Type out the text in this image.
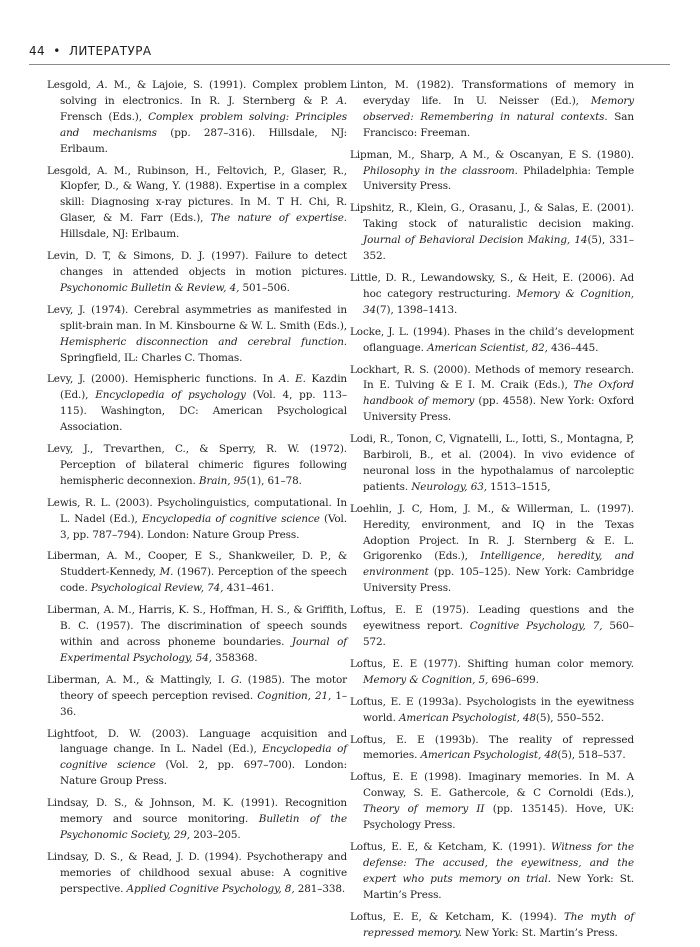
44 • ЛИТЕРАТУРА

Lesgold, A. M., & Lajoie, S. (1991). Complex problem solving in electronics. In R. J. Sternberg & P. A. Frensch (Eds.), Complex problem solving: Principles and mechanisms (pp. 287–316). Hillsdale, NJ: Erlbaum.

Lesgold, A. M., Rubinson, H., Feltovich, P., Glaser, R., Klopfer, D., & Wang, Y. (1988). Expertise in a complex skill: Diagnosing x-ray pictures. In M. T H. Chi, R. Glaser, & M. Farr (Eds.), The nature of expertise. Hillsdale, NJ: Erlbaum.

Levin, D. T, & Simons, D. J. (1997). Failure to detect changes in attended objects in motion pictures. Psychonomic Bulletin & Review, 4, 501–506.

Levy, J. (1974). Cerebral asymmetries as manifested in split-brain man. In M. Kinsbourne & W. L. Smith (Eds.), Hemispheric disconnection and cerebral function. Springfield, IL: Charles C. Thomas.

Levy, J. (2000). Hemispheric functions. In A. E. Kazdin (Ed.), Encyclopedia of psychology (Vol. 4, pp. 113–115). Washington, DC: American Psychological Association.

Levy, J., Trevarthen, C., & Sperry, R. W. (1972). Perception of bilateral chimeric figures following hemispheric deconnexion. Brain, 95(1), 61–78.

Lewis, R. L. (2003). Psycholinguistics, computational. In L. Nadel (Ed.), Encyclopedia of cognitive science (Vol. 3, pp. 787–794). London: Nature Group Press.

Liberman, A. M., Cooper, E S., Shankweiler, D. P., & Studdert-Kennedy, M. (1967). Perception of the speech code. Psychological Review, 74, 431–461.

Liberman, A. M., Harris, K. S., Hoffman, H. S., & Griffith, B. C. (1957). The discrimination of speech sounds within and across phoneme boundaries. Journal of Experimental Psychology, 54, 358368.

Liberman, A. M., & Mattingly, I. G. (1985). The motor theory of speech perception revised. Cognition, 21, 1–36.

Lightfoot, D. W. (2003). Language acquisition and language change. In L. Nadel (Ed.), Encyclopedia of cognitive science (Vol. 2, pp. 697–700). London: Nature Group Press.

Lindsay, D. S., & Johnson, M. K. (1991). Recognition memory and source monitoring. Bulletin of the Psychonomic Society, 29, 203–205.

Lindsay, D. S., & Read, J. D. (1994). Psychotherapy and memories of childhood sexual abuse: A cognitive perspective. Applied Cognitive Psychology, 8, 281–338.

Linton, M. (1982). Transformations of memory in everyday life. In U. Neisser (Ed.), Memory observed: Remembering in natural contexts. San Francisco: Freeman.

Lipman, M., Sharp, A M., & Oscanyan, E S. (1980). Philosophy in the classroom. Philadelphia: Temple University Press.

Lipshitz, R., Klein, G., Orasanu, J., & Salas, E. (2001). Taking stock of naturalistic decision making. Journal of Behavioral Decision Making, 14(5), 331–352.

Little, D. R., Lewandowsky, S., & Heit, E. (2006). Ad hoc category restructuring. Memory & Cognition, 34(7), 1398–1413.

Locke, J. L. (1994). Phases in the child’s development oflanguage. American Scientist, 82, 436–445.

Lockhart, R. S. (2000). Methods of memory research. In E. Tulving & E I. M. Craik (Eds.), The Oxford handbook of memory (pp. 4558). New York: Oxford University Press.

Lodi, R., Tonon, C, Vignatelli, L., Iotti, S., Montagna, P, Barbiroli, B., et al. (2004). In vivo evidence of neuronal loss in the hypothalamus of narcoleptic patients. Neurology, 63, 1513–1515,

Loehlin, J. C, Hom, J. M., & Willerman, L. (1997). Heredity, environment, and IQ in the Texas Adoption Project. In R. J. Sternberg & E. L. Grigorenko (Eds.), Intelligence, heredity, and environment (pp. 105–125). New York: Cambridge University Press.

Loftus, E. E (1975). Leading questions and the eyewitness report. Cognitive Psychology, 7, 560–572.

Loftus, E. E (1977). Shifting human color memory. Memory & Cognition, 5, 696–699.

Loftus, E. E (1993a). Psychologists in the eyewitness world. American Psychologist, 48(5), 550–552.

Loftus, E. E (1993b). The reality of repressed memories. American Psychologist, 48(5), 518–537.

Loftus, E. E (1998). Imaginary memories. In M. A Conway, S. E. Gathercole, & C Cornoldi (Eds.), Theory of memory II (pp. 135145). Hove, UK: Psychology Press.

Loftus, E. E, & Ketcham, K. (1991). Witness for the defense: The accused, the eyewitness, and the expert who puts memory on trial. New York: St. Martin’s Press.

Loftus, E. E, & Ketcham, K. (1994). The myth of repressed memory. New York: St. Martin’s Press.
